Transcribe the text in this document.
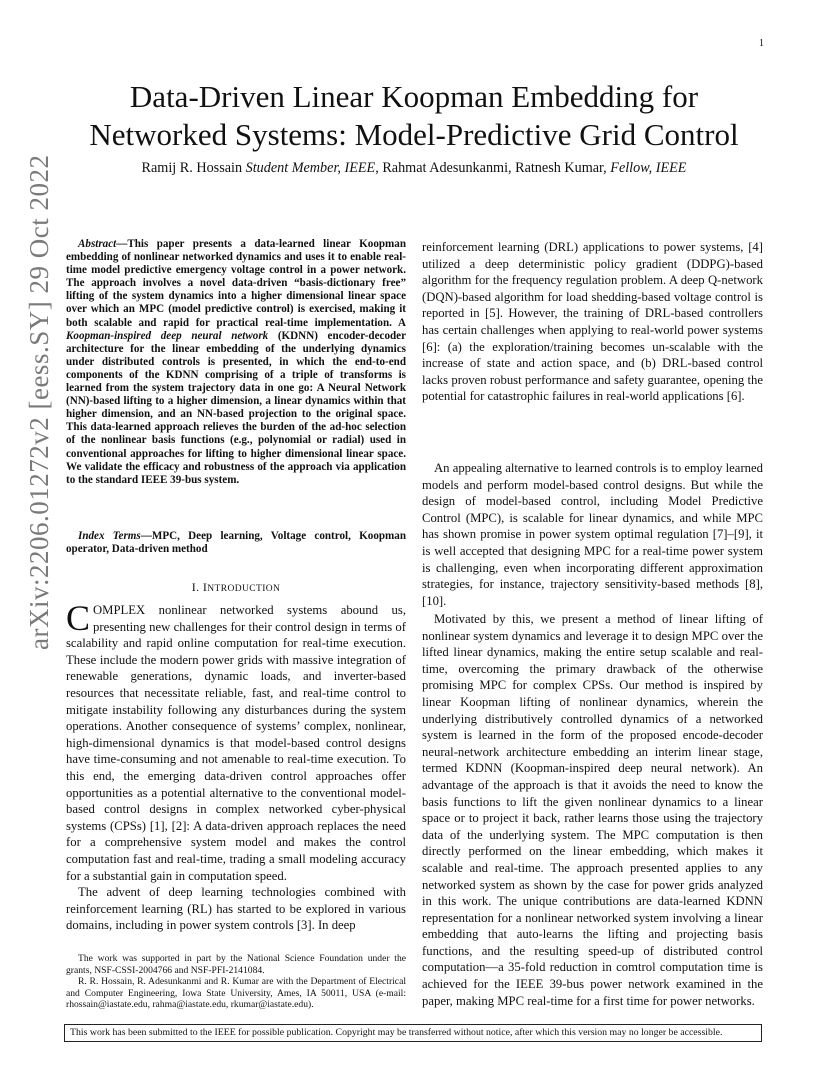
1
arXiv:2206.01272v2 [eess.SY] 29 Oct 2022
Data-Driven Linear Koopman Embedding for
Networked Systems: Model-Predictive Grid Control
Ramij R. Hossain Student Member, IEEE, Rahmat Adesunkanmi, Ratnesh Kumar, Fellow, IEEE

Abstract—This paper presents a data-learned linear Koopman embedding of nonlinear networked dynamics and uses it to enable real-time model predictive emergency voltage control in a power network. The approach involves a novel data-driven “basis-dictionary free” lifting of the system dynamics into a higher dimensional linear space over which an MPC (model predictive control) is exercised, making it both scalable and rapid for practical real-time implementation. A Koopman-inspired deep neural network (KDNN) encoder-decoder architecture for the linear embedding of the underlying dynamics under distributed controls is presented, in which the end-to-end components of the KDNN comprising of a triple of transforms is learned from the system trajectory data in one go: A Neural Network (NN)-based lifting to a higher dimension, a linear dynamics within that higher dimension, and an NN-based projection to the original space. This data-learned approach relieves the burden of the ad-hoc selection of the nonlinear basis functions (e.g., polynomial or radial) used in conventional approaches for lifting to higher dimensional linear space. We validate the efficacy and robustness of the approach via application to the standard IEEE 39-bus system.

Index Terms—MPC, Deep learning, Voltage control, Koopman operator, Data-driven method

I. INTRODUCTION

COMPLEX nonlinear networked systems abound us, presenting new challenges for their control design in terms of scalability and rapid online computation for real-time execution. These include the modern power grids with massive integration of renewable generations, dynamic loads, and inverter-based resources that necessitate reliable, fast, and real-time control to mitigate instability following any disturbances during the system operations. Another consequence of systems’ complex, nonlinear, high-dimensional dynamics is that model-based control designs have time-consuming and not amenable to real-time execution. To this end, the emerging data-driven control approaches offer opportunities as a potential alternative to the conventional model-based control designs in complex networked cyber-physical systems (CPSs) [1], [2]: A data-driven approach replaces the need for a comprehensive system model and makes the control computation fast and real-time, trading a small modeling accuracy for a substantial gain in computation speed.

The advent of deep learning technologies combined with reinforcement learning (RL) has started to be explored in various domains, including in power system controls [3]. In deep

The work was supported in part by the National Science Foundation under the grants, NSF-CSSI-2004766 and NSF-PFI-2141084.

R. R. Hossain, R. Adesunkanmi and R. Kumar are with the Department of Electrical and Computer Engineering, Iowa State University, Ames, IA 50011, USA (e-mail: rhossain@iastate.edu, rahma@iastate.edu, rkumar@iastate.edu).

reinforcement learning (DRL) applications to power systems, [4] utilized a deep deterministic policy gradient (DDPG)-based algorithm for the frequency regulation problem. A deep Q-network (DQN)-based algorithm for load shedding-based voltage control is reported in [5]. However, the training of DRL-based controllers has certain challenges when applying to real-world power systems [6]: (a) the exploration/training becomes un-scalable with the increase of state and action space, and (b) DRL-based control lacks proven robust performance and safety guarantee, opening the potential for catastrophic failures in real-world applications [6].
An appealing alternative to learned controls is to employ learned models and perform model-based control designs. But while the design of model-based control, including Model Predictive Control (MPC), is scalable for linear dynamics, and while MPC has shown promise in power system optimal regulation [7]–[9], it is well accepted that designing MPC for a real-time power system is challenging, even when incorporating different approximation strategies, for instance, trajectory sensitivity-based methods [8], [10].
Motivated by this, we present a method of linear lifting of nonlinear system dynamics and leverage it to design MPC over the lifted linear dynamics, making the entire setup scalable and real-time, overcoming the primary drawback of the otherwise promising MPC for complex CPSs. Our method is inspired by linear Koopman lifting of nonlinear dynamics, wherein the underlying distributively controlled dynamics of a networked system is learned in the form of the proposed encode-decoder neural-network architecture embedding an interim linear stage, termed KDNN (Koopman-inspired deep neural network). An advantage of the approach is that it avoids the need to know the basis functions to lift the given nonlinear dynamics to a linear space or to project it back, rather learns those using the trajectory data of the underlying system. The MPC computation is then directly performed on the linear embedding, which makes it scalable and real-time. The approach presented applies to any networked system as shown by the case for power grids analyzed in this work. The unique contributions are data-learned KDNN representation for a nonlinear networked system involving a linear embedding that auto-learns the lifting and projecting basis functions, and the resulting speed-up of distributed control computation—a 35-fold reduction in comtrol computation time is achieved for the IEEE 39-bus power network examined in the paper, making MPC real-time for a first time for power networks.
This work has been submitted to the IEEE for possible publication. Copyright may be transferred without notice, after which this version may no longer be accessible.
